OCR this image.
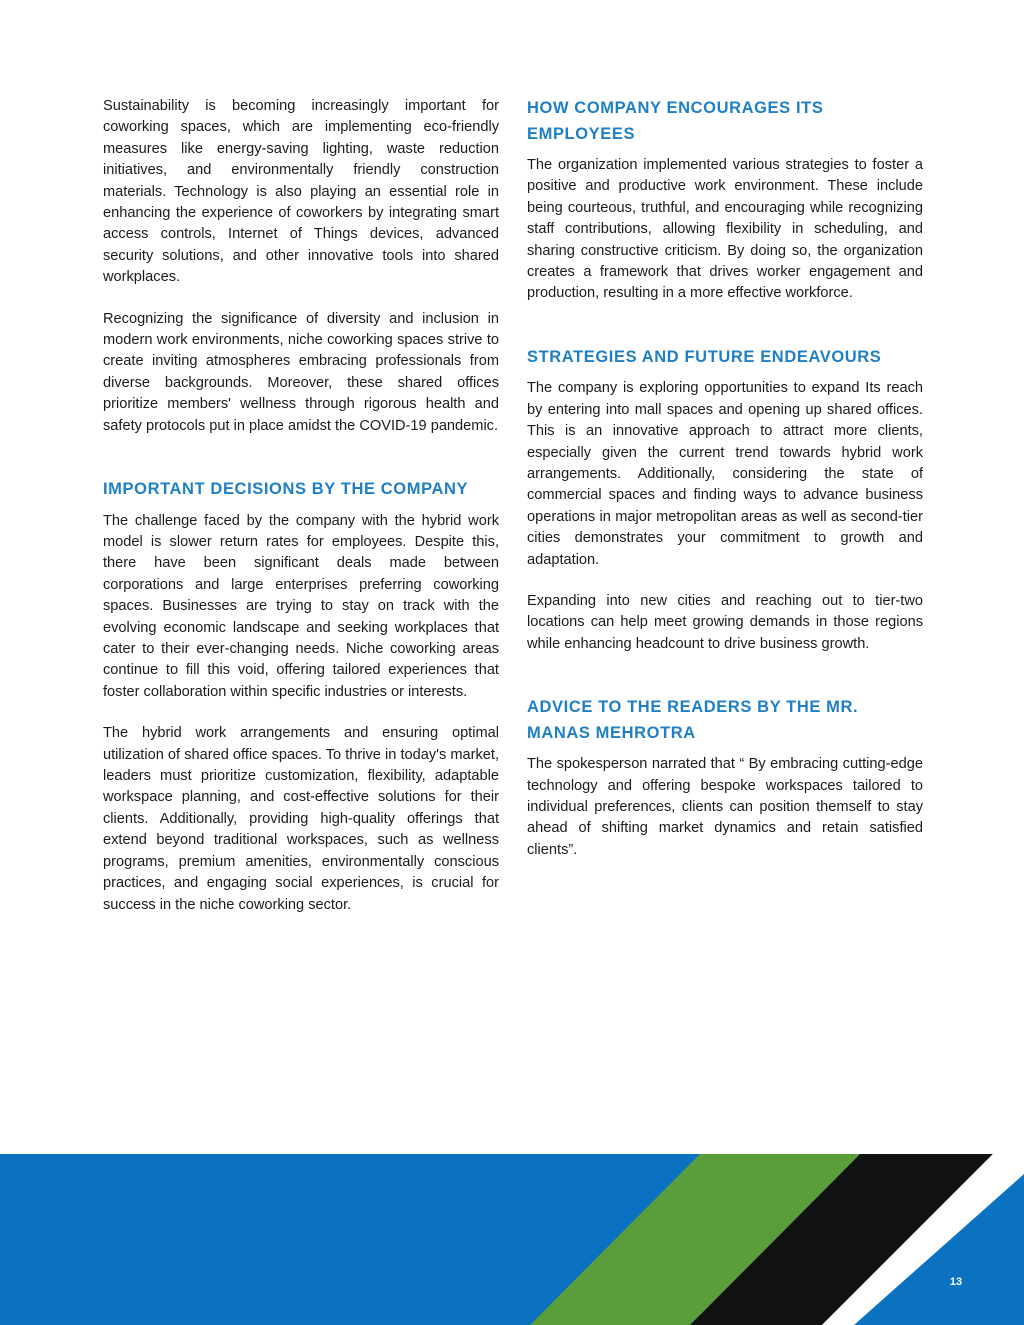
Sustainability is becoming increasingly important for coworking spaces, which are implementing eco-friendly measures like energy-saving lighting, waste reduction initiatives, and environmentally friendly construction materials. Technology is also playing an essential role in enhancing the experience of coworkers by integrating smart access controls, Internet of Things devices, advanced security solutions, and other innovative tools into shared workplaces.

Recognizing the significance of diversity and inclusion in modern work environments, niche coworking spaces strive to create inviting atmospheres embracing professionals from diverse backgrounds. Moreover, these shared offices prioritize members' wellness through rigorous health and safety protocols put in place amidst the COVID-19 pandemic.

IMPORTANT DECISIONS BY THE COMPANY

The challenge faced by the company with the hybrid work model is slower return rates for employees. Despite this, there have been significant deals made between corporations and large enterprises preferring coworking spaces. Businesses are trying to stay on track with the evolving economic landscape and seeking workplaces that cater to their ever-changing needs. Niche coworking areas continue to fill this void, offering tailored experiences that foster collaboration within specific industries or interests.

The hybrid work arrangements and ensuring optimal utilization of shared office spaces. To thrive in today's market, leaders must prioritize customization, flexibility, adaptable workspace planning, and cost-effective solutions for their clients. Additionally, providing high-quality offerings that extend beyond traditional workspaces, such as wellness programs, premium amenities, environmentally conscious practices, and engaging social experiences, is crucial for success in the niche coworking sector.

HOW COMPANY ENCOURAGES ITS EMPLOYEES

The organization implemented various strategies to foster a positive and productive work environment. These include being courteous, truthful, and encouraging while recognizing staff contributions, allowing flexibility in scheduling, and sharing constructive criticism. By doing so, the organization creates a framework that drives worker engagement and production, resulting in a more effective workforce.

STRATEGIES AND FUTURE ENDEAVOURS

The company is exploring opportunities to expand Its reach by entering into mall spaces and opening up shared offices. This is an innovative approach to attract more clients, especially given the current trend towards hybrid work arrangements. Additionally, considering the state of commercial spaces and finding ways to advance business operations in major metropolitan areas as well as second-tier cities demonstrates your commitment to growth and adaptation.

Expanding into new cities and reaching out to tier-two locations can help meet growing demands in those regions while enhancing headcount to drive business growth.

ADVICE TO THE READERS BY THE MR. MANAS MEHROTRA

The spokesperson narrated that “ By embracing cutting-edge technology and offering bespoke workspaces tailored to individual preferences, clients can position themself to stay ahead of shifting market dynamics and retain satisfied clients”.

13
